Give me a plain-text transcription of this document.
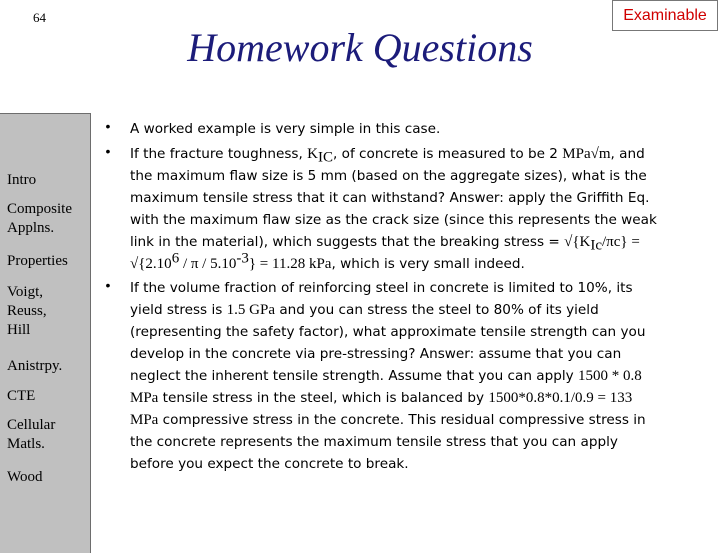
64	Examinable
Homework Questions
Intro
Composite
Applns.
Properties
Voigt,
Reuss,
Hill
Anistrpy.
CTE
Cellular
Matls.
Wood
•	A worked example is very simple in this case.
•	If the fracture toughness, $K_{IC}$, of concrete is measured to be 2 MPa√m, and
the maximum flaw size is 5 mm (based on the aggregate sizes), what is the
maximum tensile stress that it can withstand? Answer: apply the Griffith Eq.
with the maximum flaw size as the crack size (since this represents the weak
link in the material), which suggests that the breaking stress = $√\{K_{Ic}/\pi c\}$ =
$√\{2.10^6 / \pi / 5.10^{-3}\} = 11.28$ kPa, which is very small indeed.
•	If the volume fraction of reinforcing steel in concrete is limited to 10%, its
yield stress is 1.5 GPa and you can stress the steel to 80% of its yield
(representing the safety factor), what approximate tensile strength can you
develop in the concrete via pre-stressing? Answer: assume that you can
neglect the inherent tensile strength. Assume that you can apply 1500 * 0.8
MPa tensile stress in the steel, which is balanced by 1500*0.8*0.1/0.9 = 133
MPa compressive stress in the concrete. This residual compressive stress in
the concrete represents the maximum tensile stress that you can apply
before you expect the concrete to break.
